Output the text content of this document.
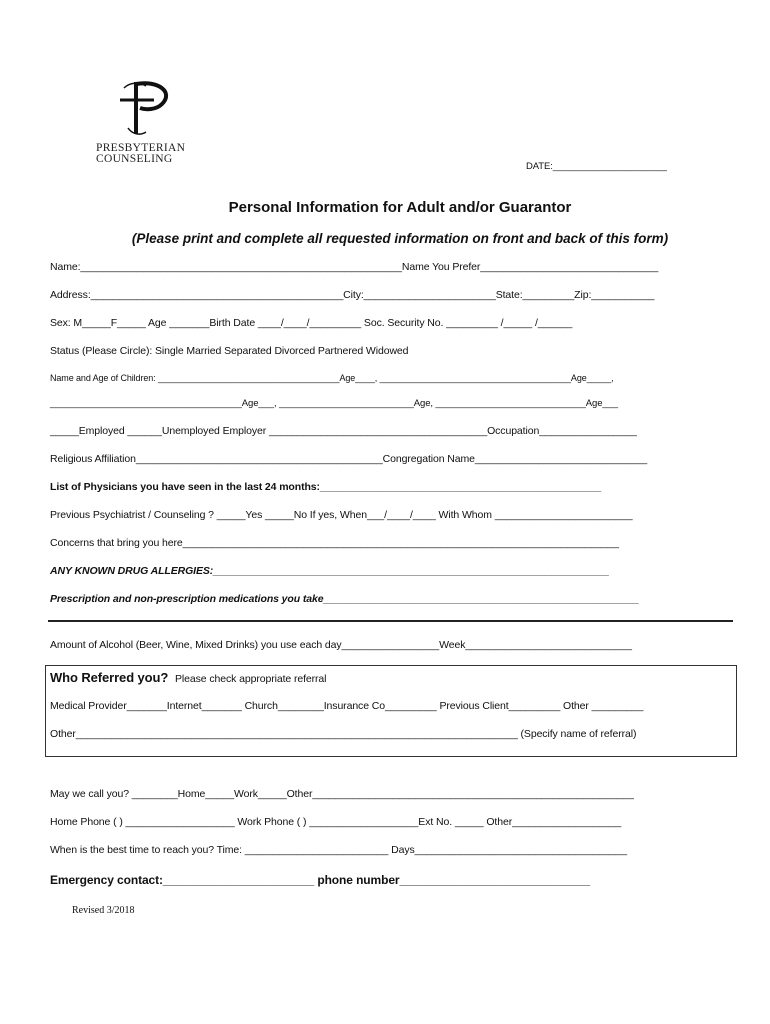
PRESBYTERIAN
COUNSELING
DATE:______________________
Personal Information for Adult and/or Guarantor
(Please print and complete all requested information on front and back of this form)
Name:________________________________________________________Name You Prefer_______________________________
Address:____________________________________________City:_______________________State:_________Zip:___________
Sex: M_____F_____ Age _______Birth Date ____/____/_________ Soc. Security No. _________ /_____ /______
Status (Please Circle): Single Married Separated Divorced Partnered Widowed
Name and Age of Children: _____________________________________Age____, _______________________________________Age_____,
_____________________________________Age___, __________________________Age, _____________________________Age___
_____Employed ______Unemployed Employer ______________________________________Occupation_________________
Religious Affiliation___________________________________________Congregation Name______________________________
List of Physicians you have seen in the last 24 months:_________________________________________________
Previous Psychiatrist / Counseling ? _____Yes _____No If yes, When___/____/____ With Whom ________________________
Concerns that bring you here____________________________________________________________________________
ANY KNOWN DRUG ALLERGIES:_____________________________________________________________________
Prescription and non-prescription medications you take_______________________________________________________
Amount of Alcohol (Beer, Wine, Mixed Drinks) you use each day_________________Week_____________________________
Who Referred you? Please check appropriate referral
Medical Provider_______Internet_______ Church________Insurance Co_________ Previous Client_________ Other _________
Other_____________________________________________________________________________ (Specify name of referral)
May we call you? ________Home_____Work_____Other________________________________________________________
Home Phone ( ) ___________________ Work Phone ( ) ___________________Ext No. _____ Other___________________
When is the best time to reach you? Time: _________________________ Days_____________________________________
Emergency contact:_______________________ phone number_____________________________
Revised 3/2018
